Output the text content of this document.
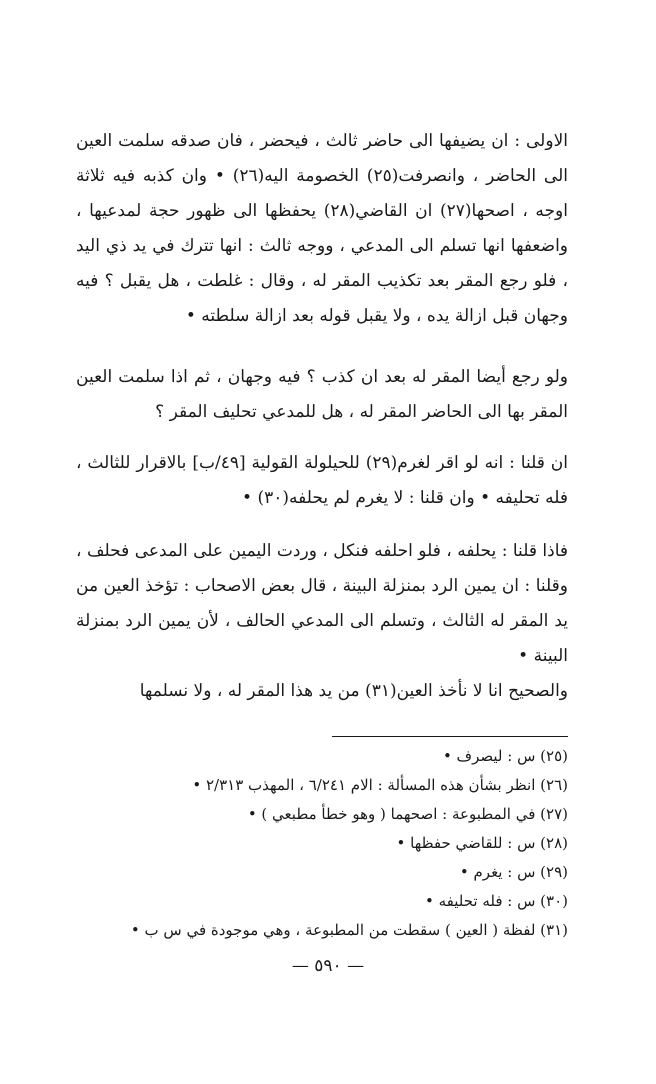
الاولى : ان يضيفها الى حاضر ثالث ، فيحضر ، فان صدقه سلمت العين الى الحاضر ، وانصرفت(٢٥) الخصومة اليه(٢٦) • وان كذبه فيه ثلاثة اوجه ، اصحها(٢٧) ان القاضي(٢٨) يحفظها الى ظهور حجة لمدعيها ، واضعفها انها تسلم الى المدعي ، ووجه ثالث : انها تترك في يد ذي اليد ، فلو رجع المقر بعد تكذيب المقر له ، وقال : غلطت ، هل يقبل ؟ فيه وجهان قبل ازالة يده ، ولا يقبل قوله بعد ازالة سلطته •

ولو رجع أيضا المقر له بعد ان كذب ؟ فيه وجهان ، ثم اذا سلمت العين المقر بها الى الحاضر المقر له ، هل للمدعي تحليف المقر ؟

ان قلنا : انه لو اقر لغرم(٢٩) للحيلولة القولية [٤٩/ب] بالاقرار للثالث ، فله تحليفه • وان قلنا : لا يغرم لم يحلفه(٣٠) •

فاذا قلنا : يحلفه ، فلو احلفه فنكل ، وردت اليمين على المدعى فحلف ، وقلنا : ان يمين الرد بمنزلة البينة ، قال بعض الاصحاب : تؤخذ العين من يد المقر له الثالث ، وتسلم الى المدعي الحالف ، لأن يمين الرد بمنزلة البينة •

والصحيح انا لا نأخذ العين(٣١) من يد هذا المقر له ، ولا نسلمها

(٢٥) س : ليصرف •
(٢٦) انظر بشأن هذه المسألة : الام ٦/٢٤١ ، المهذب ٢/٣١٣ •
(٢٧) في المطبوعة : اصحهما ( وهو خطأ مطبعي ) •
(٢٨) س : للقاضي حفظها •
(٢٩) س : يغرم •
(٣٠) س : فله تحليفه •
(٣١) لفظة ( العين ) سقطت من المطبوعة ، وهي موجودة في س ب •
— ٥٩٠ —
